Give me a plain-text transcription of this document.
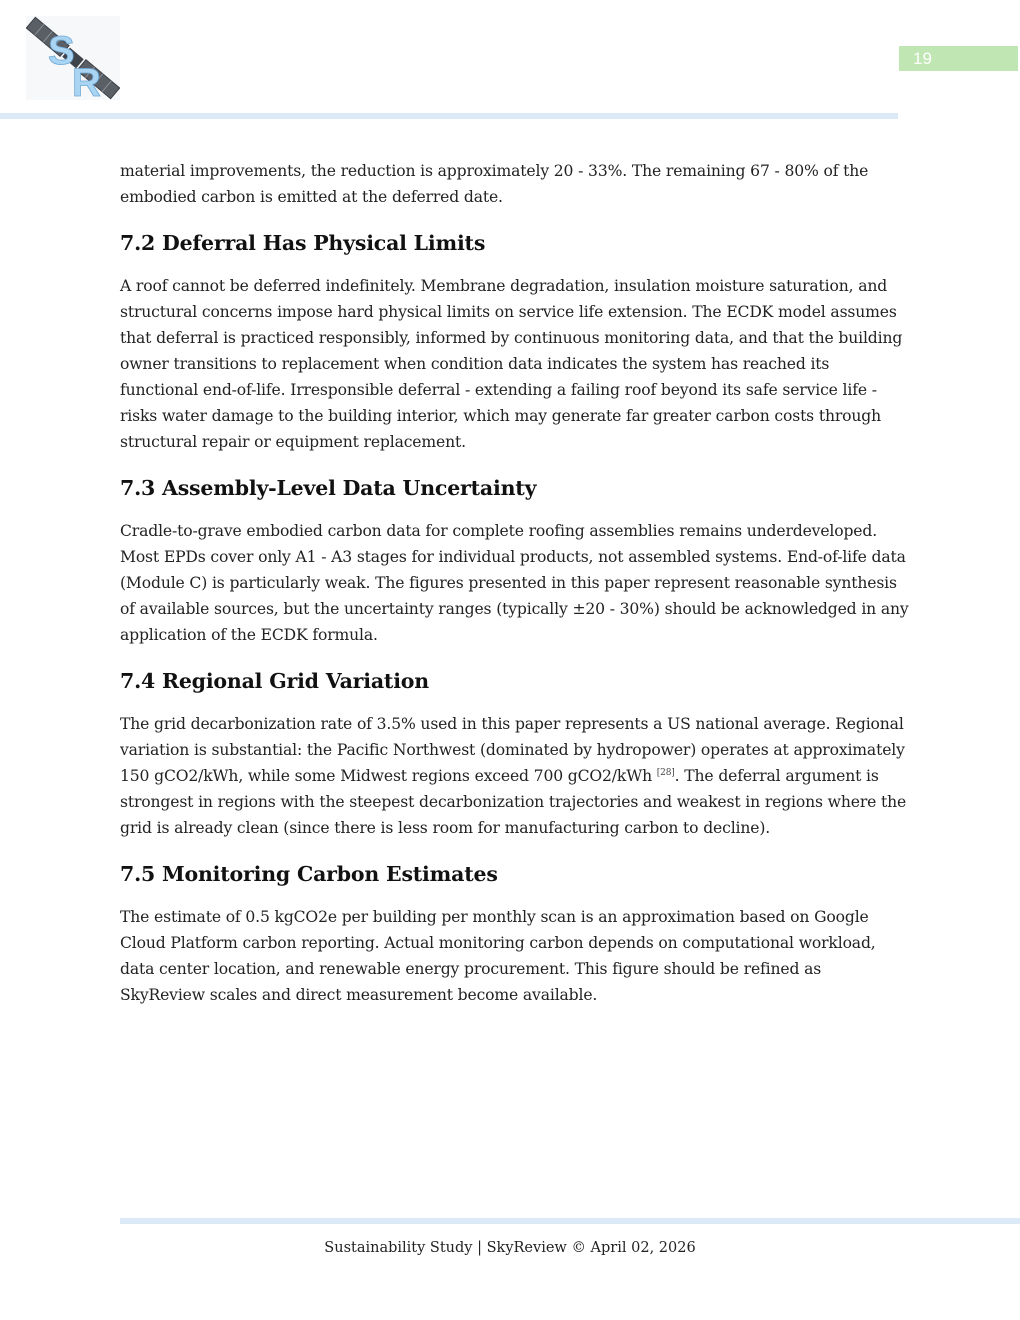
S
R
19

material improvements, the reduction is approximately 20 - 33%. The remaining 67 - 80% of the embodied carbon is emitted at the deferred date.

7.2 Deferral Has Physical Limits

A roof cannot be deferred indefinitely. Membrane degradation, insulation moisture saturation, and structural concerns impose hard physical limits on service life extension. The ECDK model assumes that deferral is practiced responsibly, informed by continuous monitoring data, and that the building owner transitions to replacement when condition data indicates the system has reached its functional end-of-life. Irresponsible deferral - extending a failing roof beyond its safe service life - risks water damage to the building interior, which may generate far greater carbon costs through structural repair or equipment replacement.

7.3 Assembly-Level Data Uncertainty

Cradle-to-grave embodied carbon data for complete roofing assemblies remains underdeveloped. Most EPDs cover only A1 - A3 stages for individual products, not assembled systems. End-of-life data (Module C) is particularly weak. The figures presented in this paper represent reasonable synthesis of available sources, but the uncertainty ranges (typically ±20 - 30%) should be acknowledged in any application of the ECDK formula.

7.4 Regional Grid Variation

The grid decarbonization rate of 3.5% used in this paper represents a US national average. Regional variation is substantial: the Pacific Northwest (dominated by hydropower) operates at approximately 150 gCO2/kWh, while some Midwest regions exceed 700 gCO2/kWh [28]. The deferral argument is strongest in regions with the steepest decarbonization trajectories and weakest in regions where the grid is already clean (since there is less room for manufacturing carbon to decline).

7.5 Monitoring Carbon Estimates

The estimate of 0.5 kgCO2e per building per monthly scan is an approximation based on Google Cloud Platform carbon reporting. Actual monitoring carbon depends on computational workload, data center location, and renewable energy procurement. This figure should be refined as SkyReview scales and direct measurement become available.

Sustainability Study | SkyReview © April 02, 2026
